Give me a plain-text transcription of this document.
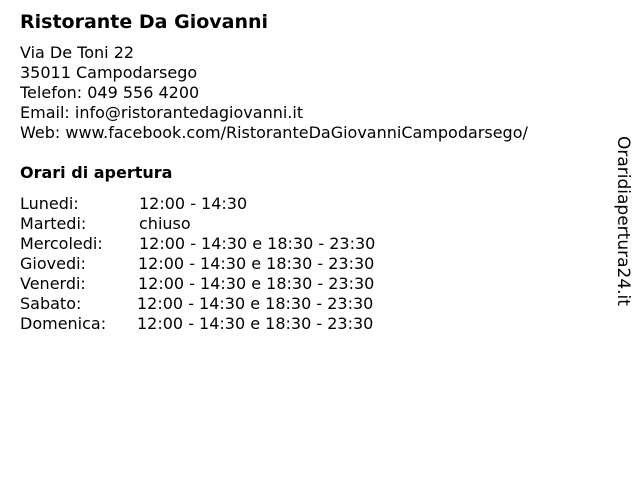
Ristorante Da Giovanni
Via De Toni 22
35011 Campodarsego
Telefon: 049 556 4200
Email: info@ristorantedagiovanni.it
Web: www.facebook.com/RistoranteDaGiovanniCampodarsego/
Orari di apertura
Lunedi:	12:00 - 14:30
Martedi:	chiuso
Mercoledi:	12:00 - 14:30 e 18:30 - 23:30
Giovedi:	12:00 - 14:30 e 18:30 - 23:30
Venerdi:	12:00 - 14:30 e 18:30 - 23:30
Sabato:	12:00 - 14:30 e 18:30 - 23:30
Domenica:	12:00 - 14:30 e 18:30 - 23:30
Oraridiapertura24.it
